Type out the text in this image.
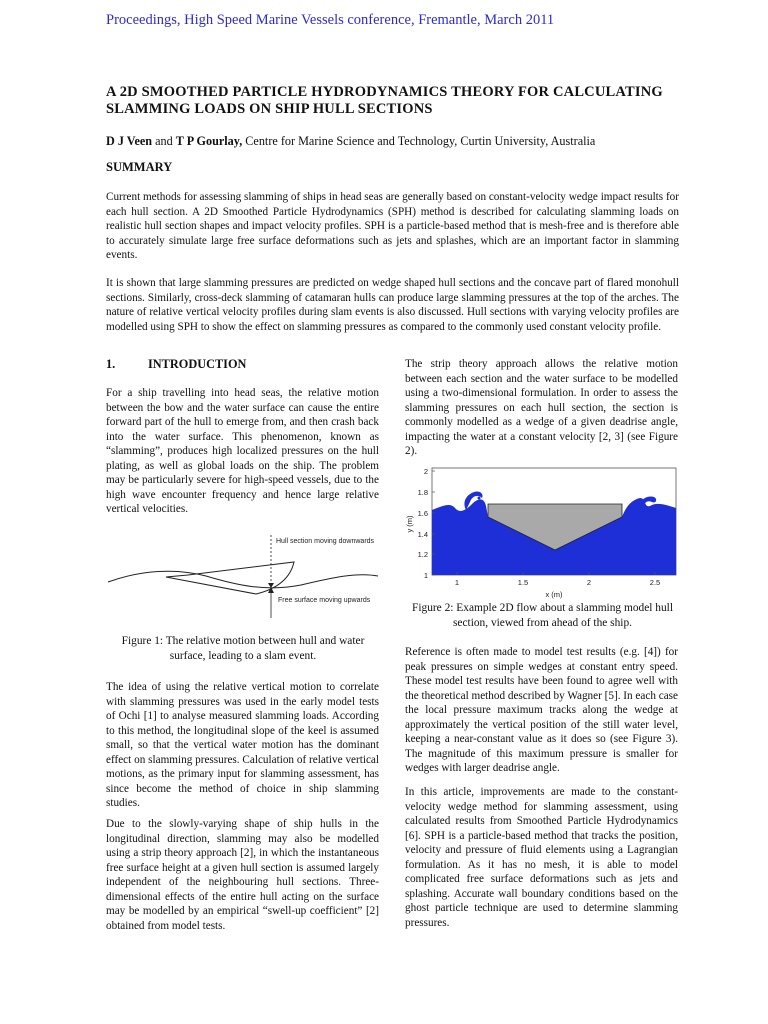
Proceedings, High Speed Marine Vessels conference, Fremantle, March 2011
A 2D SMOOTHED PARTICLE HYDRODYNAMICS THEORY FOR CALCULATING SLAMMING LOADS ON SHIP HULL SECTIONS
D J Veen and T P Gourlay, Centre for Marine Science and Technology, Curtin University, Australia
SUMMARY
Current methods for assessing slamming of ships in head seas are generally based on constant-velocity wedge impact results for each hull section. A 2D Smoothed Particle Hydrodynamics (SPH) method is described for calculating slamming loads on realistic hull section shapes and impact velocity profiles. SPH is a particle-based method that is mesh-free and is therefore able to accurately simulate large free surface deformations such as jets and splashes, which are an important factor in slamming events.
It is shown that large slamming pressures are predicted on wedge shaped hull sections and the concave part of flared monohull sections. Similarly, cross-deck slamming of catamaran hulls can produce large slamming pressures at the top of the arches. The nature of relative vertical velocity profiles during slam events is also discussed. Hull sections with varying velocity profiles are modelled using SPH to show the effect on slamming pressures as compared to the commonly used constant velocity profile.
1.	INTRODUCTION
For a ship travelling into head seas, the relative motion between the bow and the water surface can cause the entire forward part of the hull to emerge from, and then crash back into the water surface. This phenomenon, known as “slamming”, produces high localized pressures on the hull plating, as well as global loads on the ship. The problem may be particularly severe for high-speed vessels, due to the high wave encounter frequency and hence large relative vertical velocities.
Hull section moving downwards
Free surface moving upwards
Figure 1: The relative motion between hull and water surface, leading to a slam event.
The idea of using the relative vertical motion to correlate with slamming pressures was used in the early model tests of Ochi [1] to analyse measured slamming loads. According to this method, the longitudinal slope of the keel is assumed small, so that the vertical water motion has the dominant effect on slamming pressures. Calculation of relative vertical motions, as the primary input for slamming assessment, has since become the method of choice in ship slamming studies.
Due to the slowly-varying shape of ship hulls in the longitudinal direction, slamming may also be modelled using a strip theory approach [2], in which the instantaneous free surface height at a given hull section is assumed largely independent of the neighbouring hull sections. Three-dimensional effects of the entire hull acting on the surface may be modelled by an empirical “swell-up coefficient” [2] obtained from model tests.
The strip theory approach allows the relative motion between each section and the water surface to be modelled using a two-dimensional formulation. In order to assess the slamming pressures on each hull section, the section is commonly modelled as a wedge of a given deadrise angle, impacting the water at a constant velocity [2, 3] (see Figure 2).
1	1.5	2	2.5
2
1.8
1.6
1.4
1.2
1
x (m)
y (m)
Figure 2: Example 2D flow about a slamming model hull section, viewed from ahead of the ship.
Reference is often made to model test results (e.g. [4]) for peak pressures on simple wedges at constant entry speed. These model test results have been found to agree well with the theoretical method described by Wagner [5]. In each case the local pressure maximum tracks along the wedge at approximately the vertical position of the still water level, keeping a near-constant value as it does so (see Figure 3). The magnitude of this maximum pressure is smaller for wedges with larger deadrise angle.
In this article, improvements are made to the constant-velocity wedge method for slamming assessment, using calculated results from Smoothed Particle Hydrodynamics [6]. SPH is a particle-based method that tracks the position, velocity and pressure of fluid elements using a Lagrangian formulation. As it has no mesh, it is able to model complicated free surface deformations such as jets and splashing. Accurate wall boundary conditions based on the ghost particle technique are used to determine slamming pressures.
